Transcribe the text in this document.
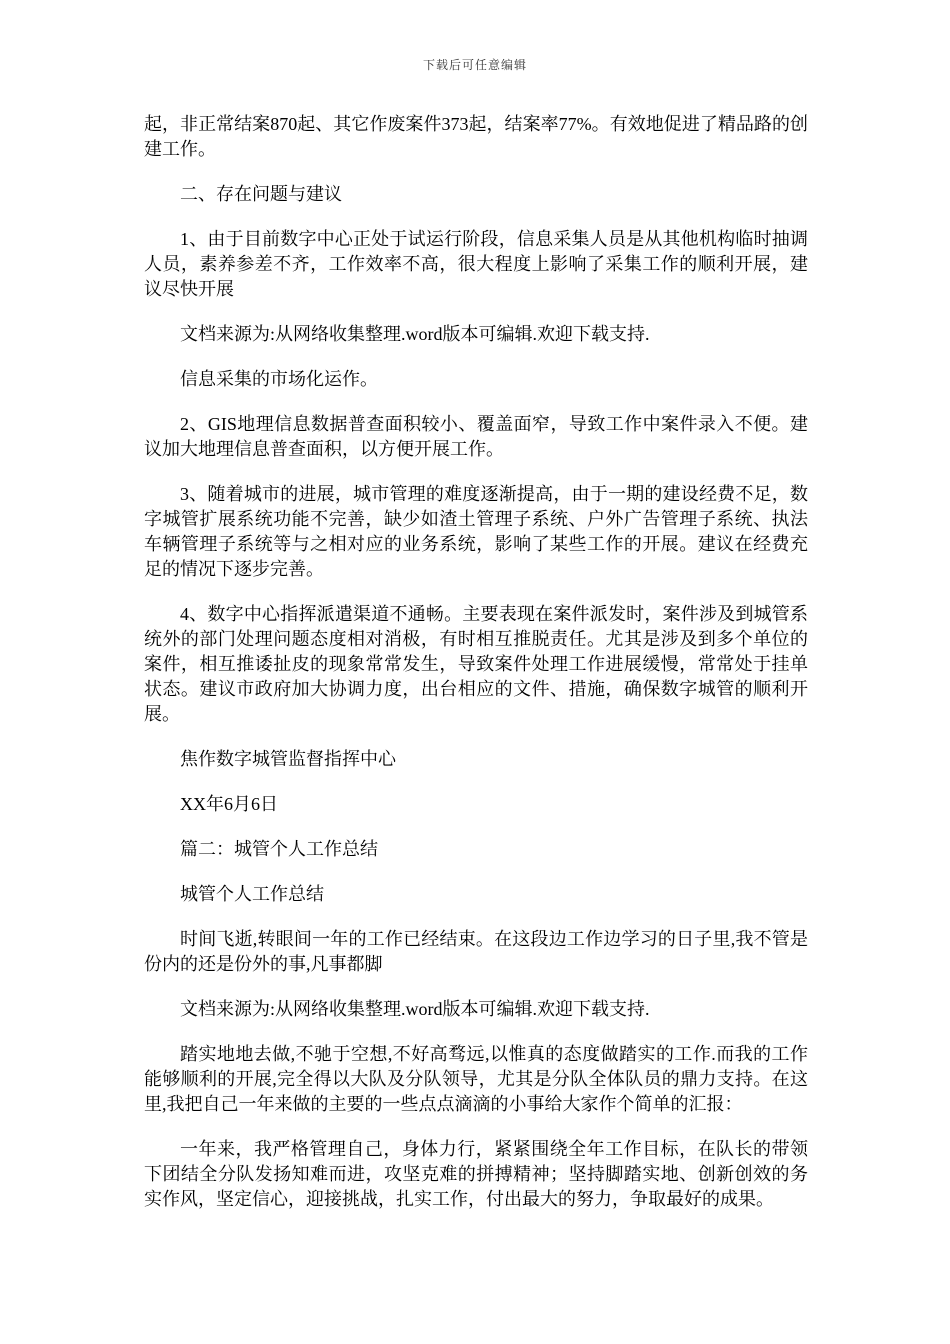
下载后可任意编辑

起，非正常结案870起、其它作废案件373起，结案率77%。有效地促进了精品路的创建工作。

二、存在问题与建议

1、由于目前数字中心正处于试运行阶段，信息采集人员是从其他机构临时抽调人员，素养参差不齐，工作效率不高，很大程度上影响了采集工作的顺利开展，建议尽快开展

文档来源为:从网络收集整理.word版本可编辑.欢迎下载支持.

信息采集的市场化运作。

2、GIS地理信息数据普查面积较小、覆盖面窄，导致工作中案件录入不便。建议加大地理信息普查面积，以方便开展工作。

3、随着城市的进展，城市管理的难度逐渐提高，由于一期的建设经费不足，数字城管扩展系统功能不完善，缺少如渣土管理子系统、户外广告管理子系统、执法车辆管理子系统等与之相对应的业务系统，影响了某些工作的开展。建议在经费充足的情况下逐步完善。

4、数字中心指挥派遣渠道不通畅。主要表现在案件派发时，案件涉及到城管系统外的部门处理问题态度相对消极，有时相互推脱责任。尤其是涉及到多个单位的案件，相互推诿扯皮的现象常常发生，导致案件处理工作进展缓慢，常常处于挂单状态。建议市政府加大协调力度，出台相应的文件、措施，确保数字城管的顺利开展。

焦作数字城管监督指挥中心

XX年6月6日

篇二：城管个人工作总结

城管个人工作总结

时间飞逝,转眼间一年的工作已经结束。在这段边工作边学习的日子里,我不管是份内的还是份外的事,凡事都脚

文档来源为:从网络收集整理.word版本可编辑.欢迎下载支持.

踏实地地去做,不驰于空想,不好高骛远,以惟真的态度做踏实的工作.而我的工作能够顺利的开展,完全得以大队及分队领导，尤其是分队全体队员的鼎力支持。在这里,我把自己一年来做的主要的一些点点滴滴的小事给大家作个简单的汇报：

一年来，我严格管理自己，身体力行，紧紧围绕全年工作目标，在队长的带领下团结全分队发扬知难而进，攻坚克难的拼搏精神；坚持脚踏实地、创新创效的务实作风，坚定信心，迎接挑战，扎实工作，付出最大的努力，争取最好的成果。
